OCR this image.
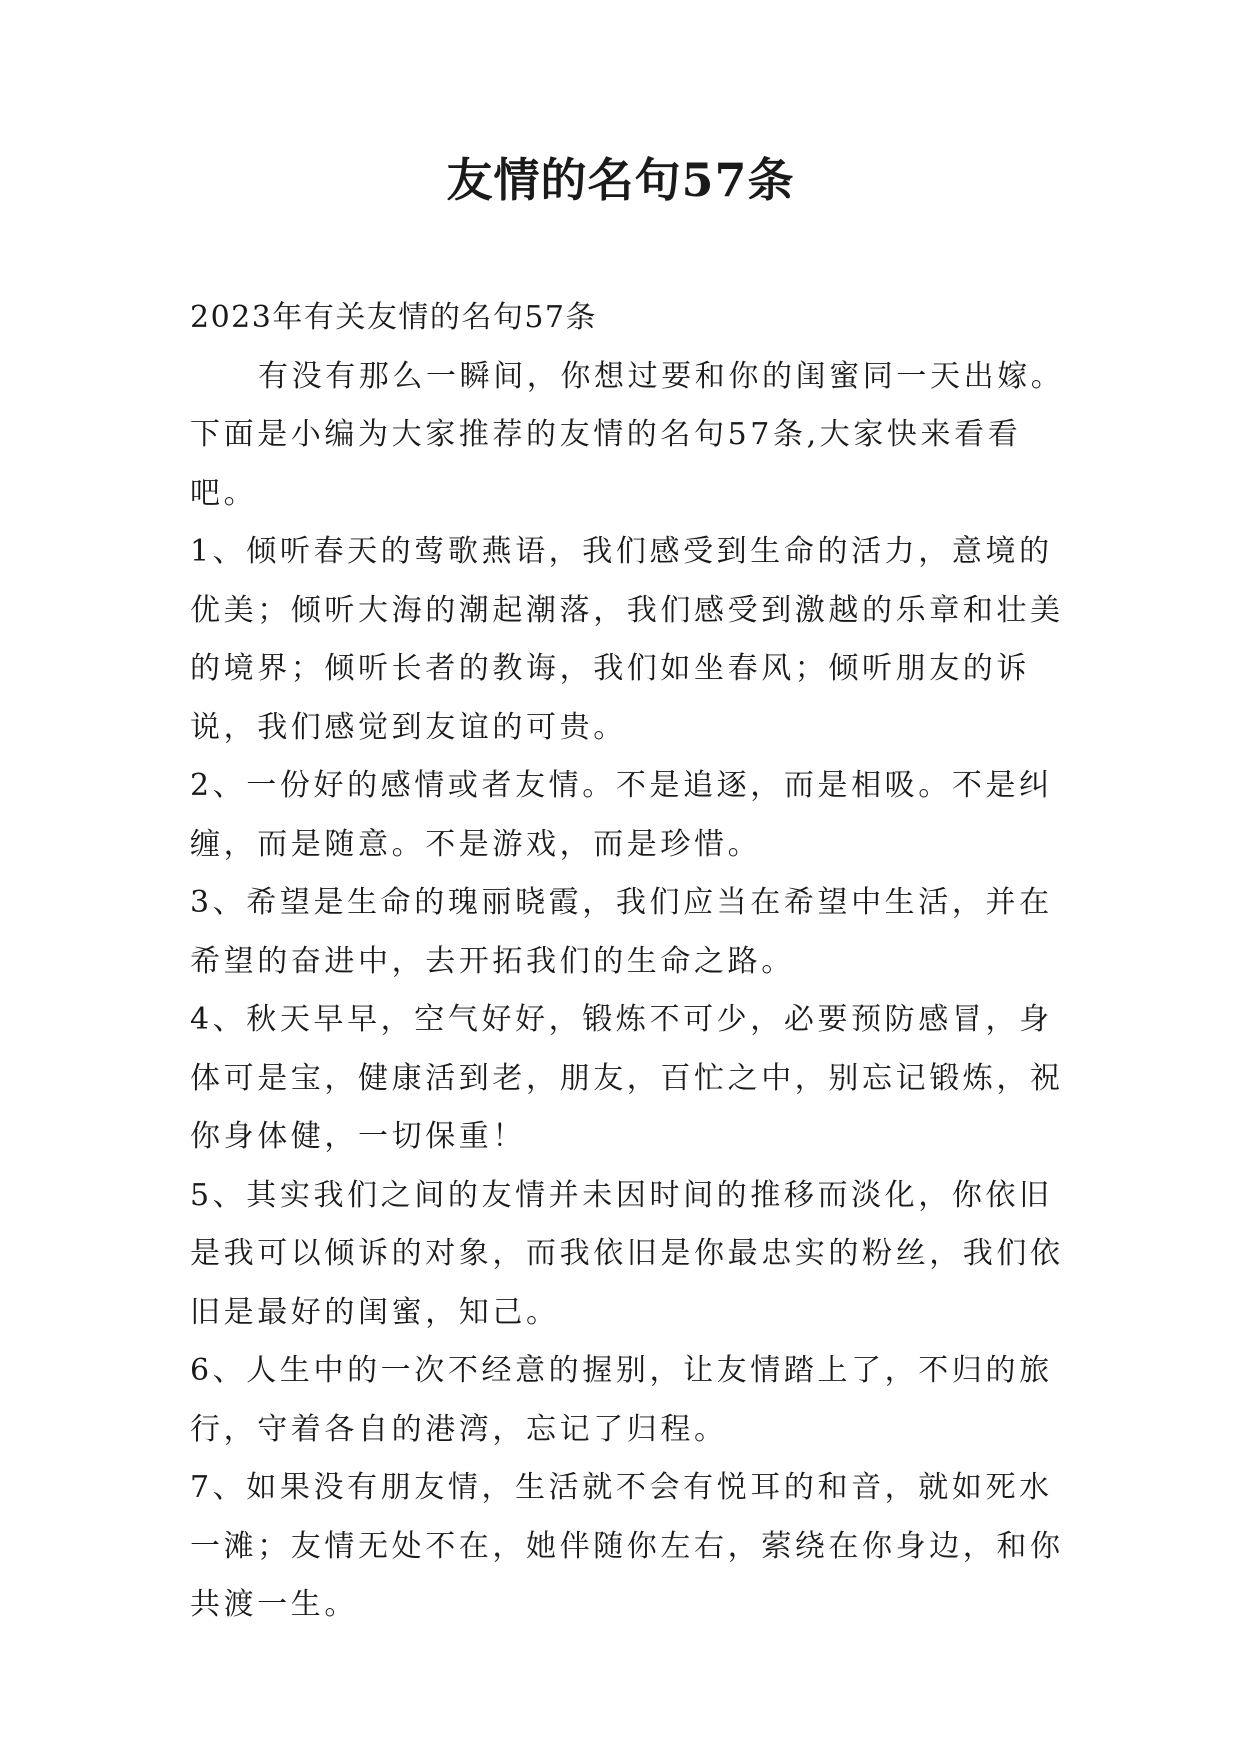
友情的名句57条

2023年有关友情的名句57条

有没有那么一瞬间，你想过要和你的闺蜜同一天出嫁。下面是小编为大家推荐的友情的名句57条,大家快来看看吧。

1、倾听春天的莺歌燕语，我们感受到生命的活力，意境的优美；倾听大海的潮起潮落，我们感受到激越的乐章和壮美的境界；倾听长者的教诲，我们如坐春风；倾听朋友的诉说，我们感觉到友谊的可贵。

2、一份好的感情或者友情。不是追逐，而是相吸。不是纠缠，而是随意。不是游戏，而是珍惜。

3、希望是生命的瑰丽晓霞，我们应当在希望中生活，并在希望的奋进中，去开拓我们的生命之路。

4、秋天早早，空气好好，锻炼不可少，必要预防感冒，身体可是宝，健康活到老，朋友，百忙之中，别忘记锻炼，祝你身体健，一切保重！

5、其实我们之间的友情并未因时间的推移而淡化，你依旧是我可以倾诉的对象，而我依旧是你最忠实的粉丝，我们依旧是最好的闺蜜，知己。

6、人生中的一次不经意的握别，让友情踏上了，不归的旅行，守着各自的港湾，忘记了归程。

7、如果没有朋友情，生活就不会有悦耳的和音，就如死水一滩；友情无处不在，她伴随你左右，萦绕在你身边，和你共渡一生。
